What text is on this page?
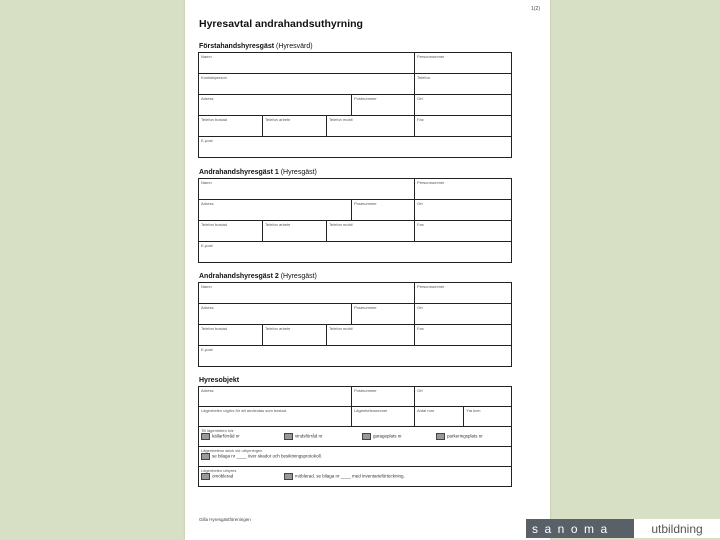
1(2)
Hyresavtal andrahandsuthyrning
Förstahandshyresgäst (Hyresvärd)
Namn				Personnummer
Kontaktperson				Telefon
Adress			Postnummer	Ort
Telefon bostad	Telefon arbete	Telefon mobil		Fax
E-post				
Andrahandshyresgäst 1 (Hyresgäst)
Namn				Personnummer
Adress			Postnummer	Ort
Telefon bostad	Telefon arbete	Telefon mobil		Fax
E-post				
Andrahandshyresgäst 2 (Hyresgäst)
Namn				Personnummer
Adress			Postnummer	Ort
Telefon bostad	Telefon arbete	Telefon mobil		Fax
E-post				
Hyresobjekt
Adress	Postnummer	Ort	
Lägenheten utgörs för att användas som bostad.	Lägenhetsnummer	Antal rum	Yta kvm

Till lägenheten hör
källarförråd nr vindsförråd nr garageplats nr parkeringsplats nr			

Lägenhetens skick vid uthyrningen
se bilaga nr ____ över skador och besiktningsprotokoll.			

Lägenheten uthyres
omöblerad möblerad, se bilaga nr ____ med inventarieförteckning.			
Gilla Hyresgästföreningen
sanoma	utbildning
